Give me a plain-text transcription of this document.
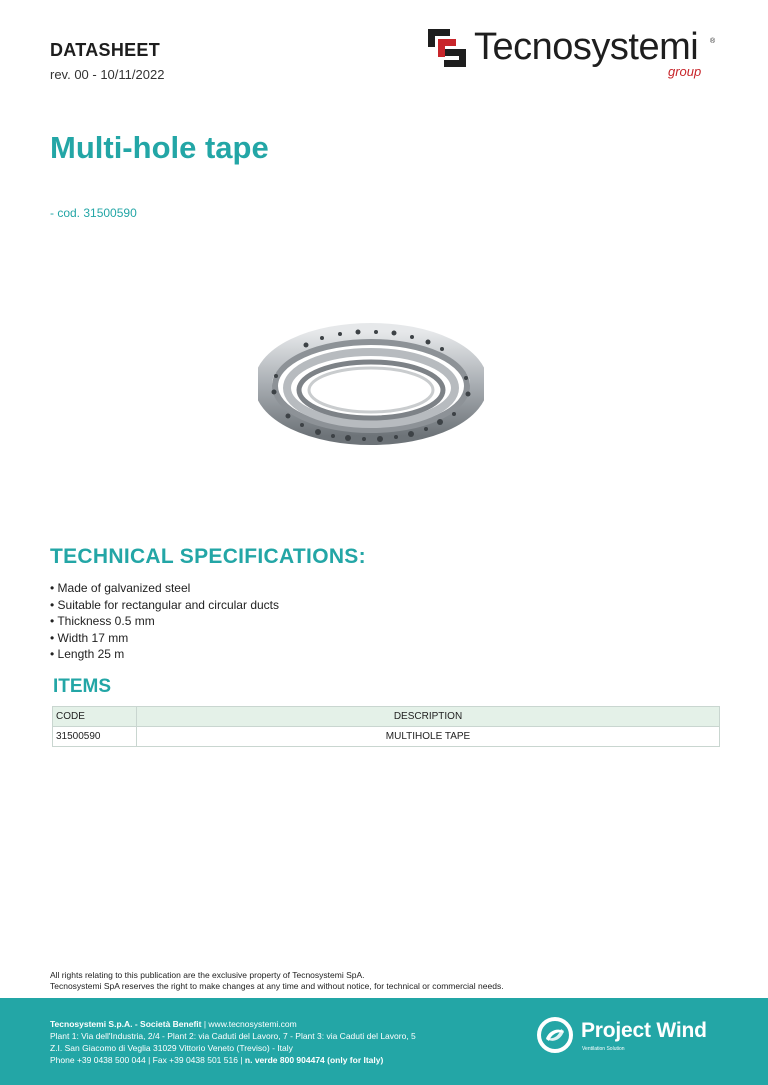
DATASHEET
rev. 00 - 10/11/2022
Tecnosystemi ®
group
Multi-hole tape
- cod. 31500590
TECHNICAL SPECIFICATIONS:
• Made of galvanized steel
• Suitable for rectangular and circular ducts
• Thickness 0.5 mm
• Width 17 mm
• Length 25 m
ITEMS
CODE	DESCRIPTION
31500590	MULTIHOLE TAPE
All rights relating to this publication are the exclusive property of Tecnosystemi SpA.
Tecnosystemi SpA reserves the right to make changes at any time and without notice, for technical or commercial needs.
Tecnosystemi S.p.A. - Società Benefit | www.tecnosystemi.com
Plant 1: Via dell'Industria, 2/4 - Plant 2: via Caduti del Lavoro, 7 - Plant 3: via Caduti del Lavoro, 5
Z.I. San Giacomo di Veglia 31029 Vittorio Veneto (Treviso) - Italy
Phone +39 0438 500 044 | Fax +39 0438 501 516 | n. verde 800 904474 (only for Italy)
Project Wind
Ventilation Solution
